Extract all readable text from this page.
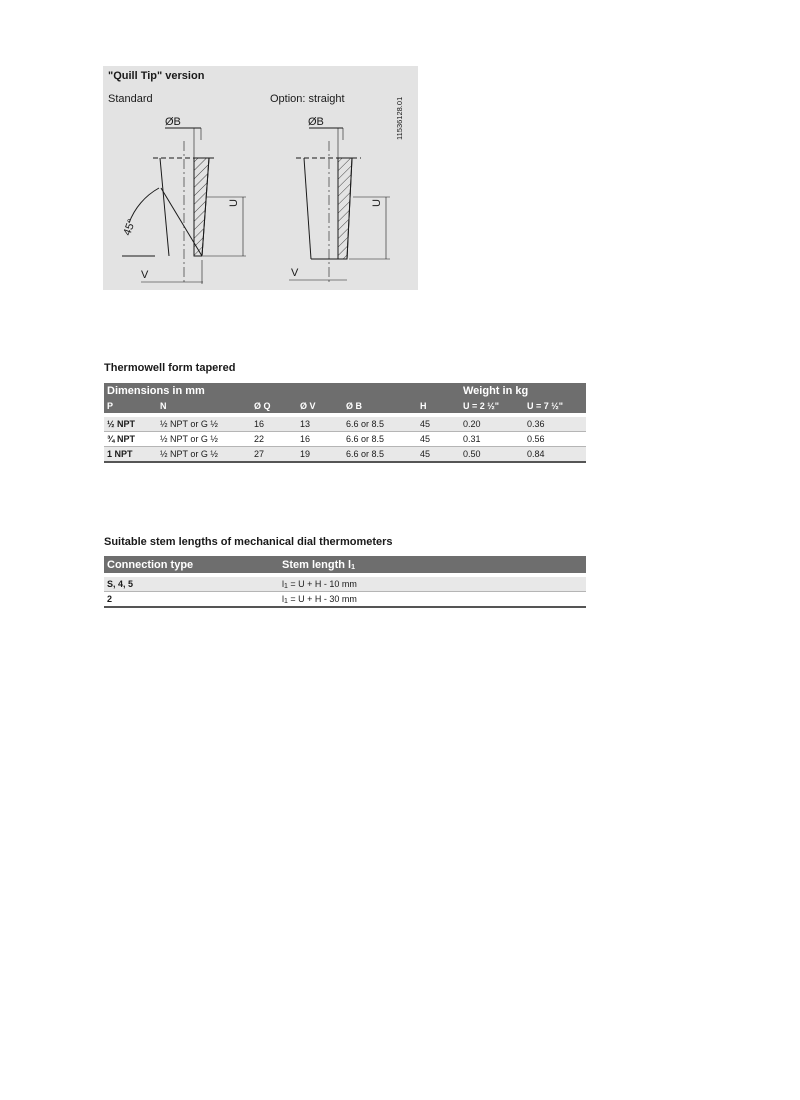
"Quill Tip" version
Standard	Option: straight	11536128.01
ØB	ØB
U	U
V	V
45°
Thermowell form tapered
Dimensions in mm						Weight in kg	
P	N	Ø Q	Ø V	Ø B	H	U = 2 ½"	U = 7 ½"

½ NPT	½ NPT or G ½	16	13	6.6 or 8.5	45	0.20	0.36
¾ NPT	½ NPT or G ½	22	16	6.6 or 8.5	45	0.31	0.56
1 NPT	½ NPT or G ½	27	19	6.6 or 8.5	45	0.50	0.84
Suitable stem lengths of mechanical dial thermometers
Connection type	Stem length l1

S, 4, 5	l1 = U + H - 10 mm
2	l1 = U + H - 30 mm
